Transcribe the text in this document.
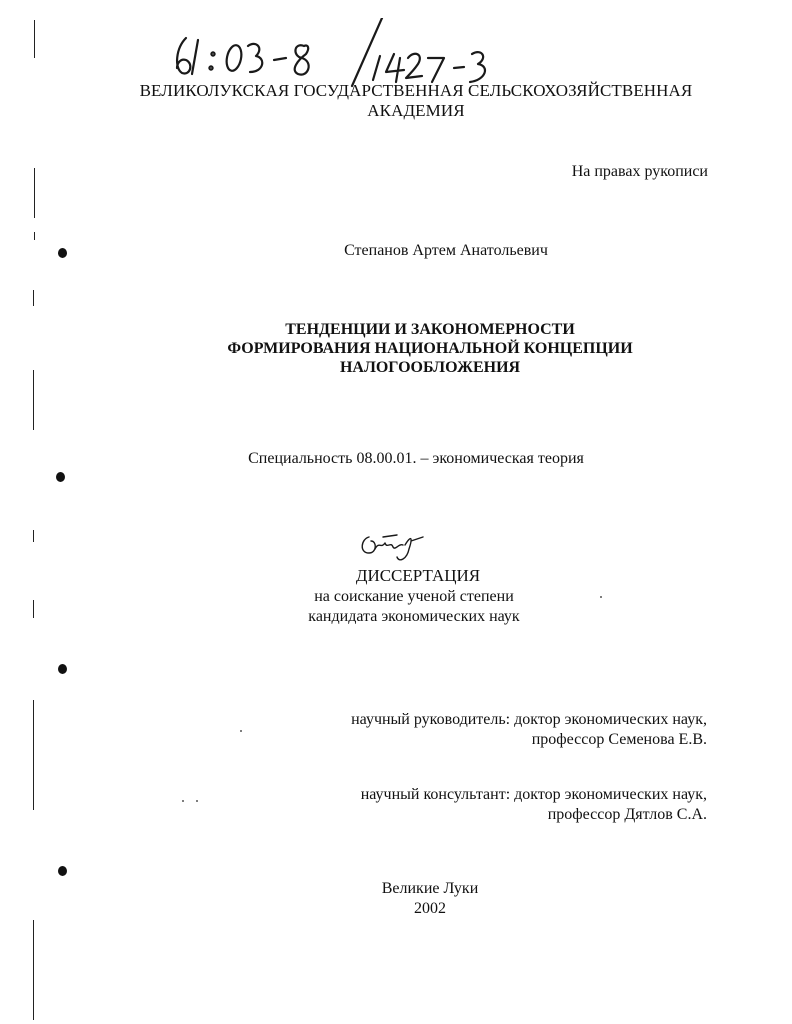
ВЕЛИКОЛУКСКАЯ ГОСУДАРСТВЕННАЯ СЕЛЬСКОХОЗЯЙСТВЕННАЯ
АКАДЕМИЯ
На правах рукописи
Степанов Артем Анатольевич
ТЕНДЕНЦИИ И ЗАКОНОМЕРНОСТИ
ФОРМИРОВАНИЯ НАЦИОНАЛЬНОЙ КОНЦЕПЦИИ
НАЛОГООБЛОЖЕНИЯ
Специальность 08.00.01. – экономическая теория
ДИССЕРТАЦИЯ
на соискание ученой степени
кандидата экономических наук
научный руководитель: доктор экономических наук,
профессор Семенова Е.В.
научный консультант: доктор экономических наук,
профессор Дятлов С.А.
Великие Луки
2002
